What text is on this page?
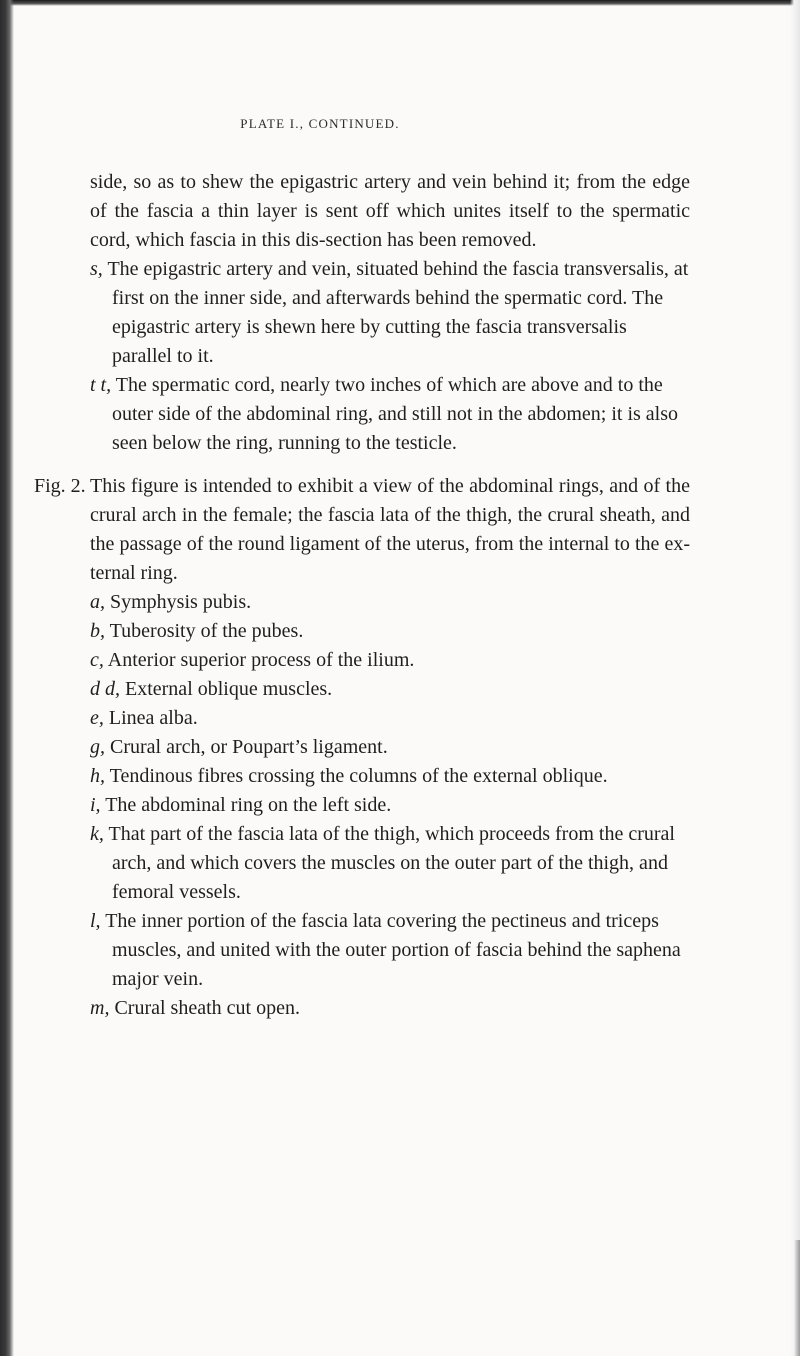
PLATE I., CONTINUED.

side, so as to shew the epigastric artery and vein behind it; from the edge of the fascia a thin layer is sent off which unites itself to the spermatic cord, which fascia in this dis-section has been removed.

s, The epigastric artery and vein, situated behind the fascia transversalis, at first on the inner side, and afterwards behind the spermatic cord. The epigastric artery is shewn here by cutting the fascia transversalis parallel to it.

t t, The spermatic cord, nearly two inches of which are above and to the outer side of the abdominal ring, and still not in the abdomen; it is also seen below the ring, running to the testicle.

Fig. 2. This figure is intended to exhibit a view of the abdominal rings, and of the crural arch in the female; the fascia lata of the thigh, the crural sheath, and the passage of the round ligament of the uterus, from the internal to the ex-ternal ring.

a, Symphysis pubis.

b, Tuberosity of the pubes.

c, Anterior superior process of the ilium.

d d, External oblique muscles.

e, Linea alba.

g, Crural arch, or Poupart’s ligament.

h, Tendinous fibres crossing the columns of the external oblique.

i, The abdominal ring on the left side.

k, That part of the fascia lata of the thigh, which proceeds from the crural arch, and which covers the muscles on the outer part of the thigh, and femoral vessels.

l, The inner portion of the fascia lata covering the pectineus and triceps muscles, and united with the outer portion of fascia behind the saphena major vein.

m, Crural sheath cut open.
